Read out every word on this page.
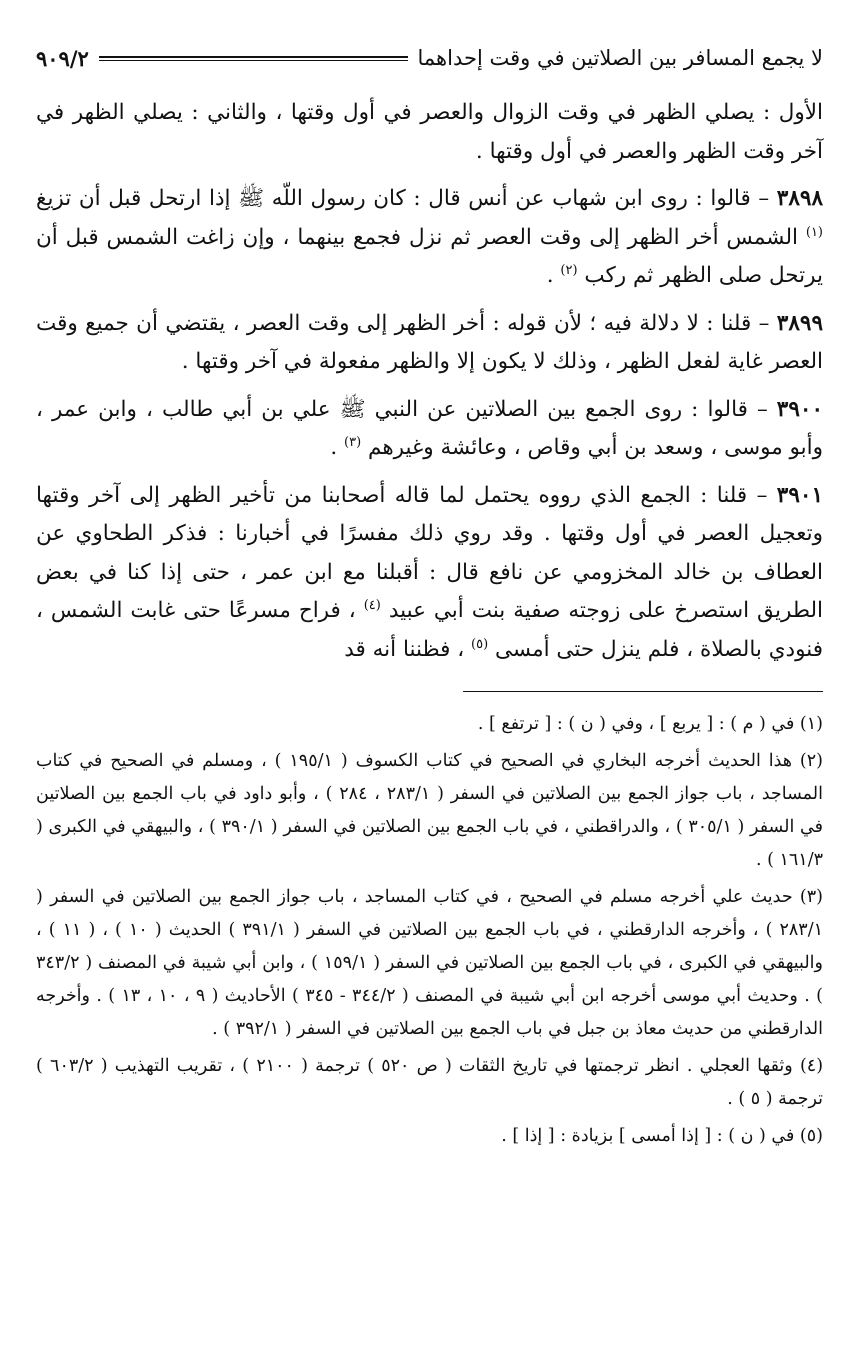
لا يجمع المسافر بين الصلاتين في وقت إحداهما
٩٠٩/٢

الأول : يصلي الظهر في وقت الزوال والعصر في أول وقتها ، والثاني : يصلي الظهر في آخر وقت الظهر والعصر في أول وقتها .

٣٨٩٨ – قالوا : روى ابن شهاب عن أنس قال : كان رسول اللّه ﷺ إذا ارتحل قبل أن تزيغ $^{(١)}$ الشمس أخر الظهر إلى وقت العصر ثم نزل فجمع بينهما ، وإن زاغت الشمس قبل أن يرتحل صلى الظهر ثم ركب $^{(٢)}$ .

٣٨٩٩ – قلنا : لا دلالة فيه ؛ لأن قوله : أخر الظهر إلى وقت العصر ، يقتضي أن جميع وقت العصر غاية لفعل الظهر ، وذلك لا يكون إلا والظهر مفعولة في آخر وقتها .

٣٩٠٠ – قالوا : روى الجمع بين الصلاتين عن النبي ﷺ علي بن أبي طالب ، وابن عمر ، وأبو موسى ، وسعد بن أبي وقاص ، وعائشة وغيرهم $^{(٣)}$ .

٣٩٠١ – قلنا : الجمع الذي رووه يحتمل لما قاله أصحابنا من تأخير الظهر إلى آخر وقتها وتعجيل العصر في أول وقتها . وقد روي ذلك مفسرًا في أخبارنا : فذكر الطحاوي عن العطاف بن خالد المخزومي عن نافع قال : أقبلنا مع ابن عمر ، حتى إذا كنا في بعض الطريق استصرخ على زوجته صفية بنت أبي عبيد $^{(٤)}$ ، فراح مسرعًا حتى غابت الشمس ، فنودي بالصلاة ، فلم ينزل حتى أمسى $^{(٥)}$ ، فظننا أنه قد

(١) في ( م ) : [ يربع ] ، وفي ( ن ) : [ ترتفع ] .

(٢) هذا الحديث أخرجه البخاري في الصحيح في كتاب الكسوف ( ١٩٥/١ ) ، ومسلم في الصحيح في كتاب المساجد ، باب جواز الجمع بين الصلاتين في السفر ( ٢٨٣/١ ، ٢٨٤ ) ، وأبو داود في باب الجمع بين الصلاتين في السفر ( ٣٠٥/١ ) ، والدراقطني ، في باب الجمع بين الصلاتين في السفر ( ٣٩٠/١ ) ، والبيهقي في الكبرى ( ١٦١/٣ ) .

(٣) حديث علي أخرجه مسلم في الصحيح ، في كتاب المساجد ، باب جواز الجمع بين الصلاتين في السفر ( ٢٨٣/١ ) ، وأخرجه الدارقطني ، في باب الجمع بين الصلاتين في السفر ( ٣٩١/١ ) الحديث ( ١٠ ) ، ( ١١ ) ، والبيهقي في الكبرى ، في باب الجمع بين الصلاتين في السفر ( ١٥٩/١ ) ، وابن أبي شيبة في المصنف ( ٣٤٣/٢ ) . وحديث أبي موسى أخرجه ابن أبي شيبة في المصنف ( ٣٤٤/٢ - ٣٤٥ ) الأحاديث ( ٩ ، ١٠ ، ١٣ ) . وأخرجه الدارقطني من حديث معاذ بن جبل في باب الجمع بين الصلاتين في السفر ( ٣٩٢/١ ) .

(٤) وثقها العجلي . انظر ترجمتها في تاريخ الثقات ( ص ٥٢٠ ) ترجمة ( ٢١٠٠ ) ، تقريب التهذيب ( ٦٠٣/٢ ) ترجمة ( ٥ ) .

(٥) في ( ن ) : [ إذا أمسى ] بزيادة : [ إذا ] .
